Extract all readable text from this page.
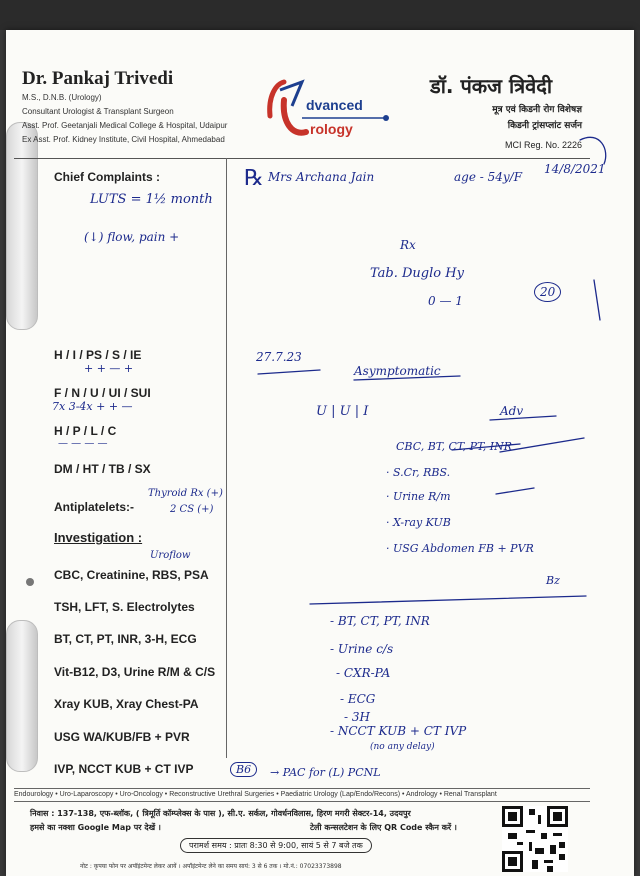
Dr. Pankaj Trivedi
M.S., D.N.B. (Urology)
Consultant Urologist & Transplant Surgeon
Asst. Prof. Geetanjali Medical College & Hospital, Udaipur
Ex Asst. Prof. Kidney Institute, Civil Hospital, Ahmedabad
dvanced
rology
डॉ. पंकज त्रिवेदी
मूत्र एवं किडनी रोग विशेषज्ञ
किडनी ट्रांसप्लांट सर्जन
MCI Reg. No. 2226
Chief Complaints :
H / I / PS / S / IE
F / N / U / UI / SUI
H / P / L / C
DM / HT / TB / SX
Antiplatelets:-
Investigation :
CBC, Creatinine, RBS, PSA
TSH, LFT, S. Electrolytes
BT, CT, PT, INR, 3-H, ECG
Vit-B12, D3, Urine R/M & C/S
Xray KUB, Xray Chest-PA
USG WA/KUB/FB + PVR
IVP, NCCT KUB + CT IVP
LUTS = 1½ month
(↓) flow, pain +
+ + — +
7x 3-4x + + —
— — — —
Thyroid Rx (+)
2 CS (+)
Uroflow
B6	→ PAC for (L) PCNL
℞ Mrs Archana Jain	age - 54y/F
14/8/2021
Rx
Tab. Duglo Hy
0 — 1
20
27.7.23
Asymptomatic
U | U | I	Adv
CBC, BT, CT, PT, INR
· S.Cr, RBS.
· Urine R/m
· X-ray KUB
· USG Abdomen FB + PVR
Bz
- BT, CT, PT, INR
- Urine c/s
- CXR-PA
- ECG
- 3H
- NCCT KUB + CT IVP
(no any delay)
Endourology • Uro-Laparoscopy • Uro-Oncology • Reconstructive Urethral Surgeries • Paediatric Urology (Lap/Endo/Recons) • Andrology • Renal Transplant
निवास : 137-138, एफ-ब्लॉक, ( त्रिमूर्ति कॉम्प्लेक्स के पास ), सी.ए. सर्कल, गोवर्धनविलास, हिरण मगरी सेक्टर-14, उदयपुर
हमसे का नक्शा Google Map पर देखें ।	टेली कन्सलटेशन के लिए QR Code स्कैन करें ।
परामर्श समय : प्रातः 8:30 से 9:00, सायं 5 से 7 बजे तक
नोट : कृपया फोन पर अपॉइंटमेन्ट लेकर आयें । अपॉइंटमेन्ट लेने का समय सायं: 3 से 6 तक । मो.नं.: 07023373898
